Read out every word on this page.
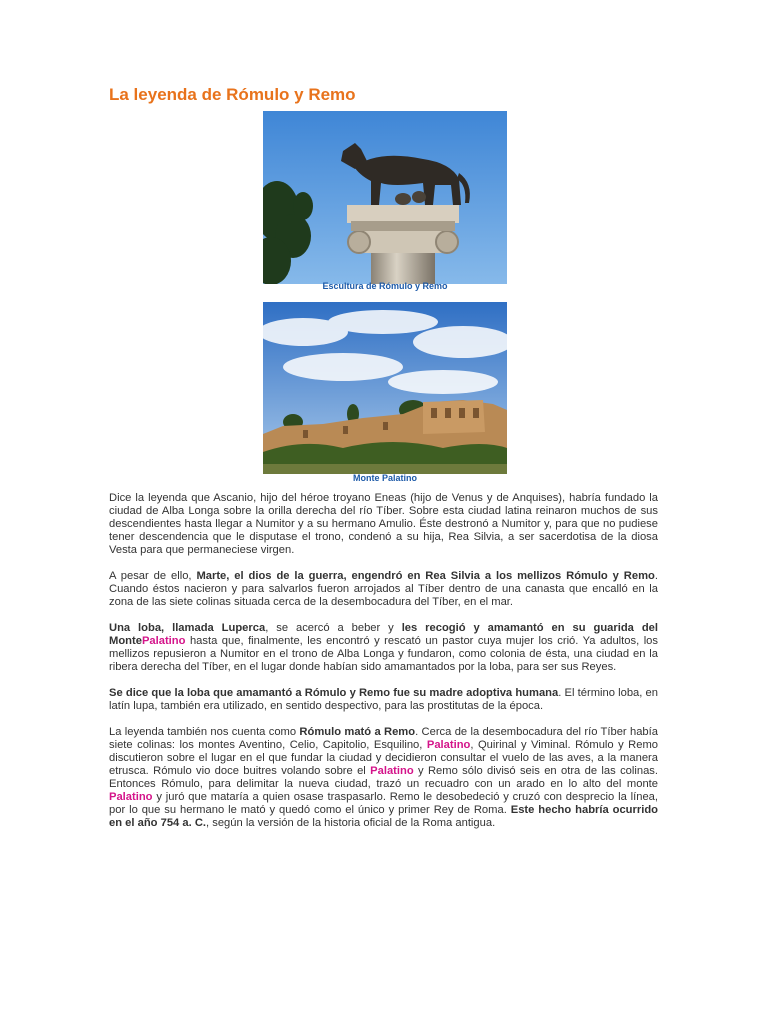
La leyenda de Rómulo y Remo
Escultura de Rómulo y Remo
Monte Palatino

Dice la leyenda que Ascanio, hijo del héroe troyano Eneas (hijo de Venus y de Anquises), habría fundado la ciudad de Alba Longa sobre la orilla derecha del río Tíber. Sobre esta ciudad latina reinaron muchos de sus descendientes hasta llegar a Numitor y a su hermano Amulio. Éste destronó a Numitor y, para que no pudiese tener descendencia que le disputase el trono, condenó a su hija, Rea Silvia, a ser sacerdotisa de la diosa Vesta para que permaneciese virgen.

A pesar de ello, Marte, el dios de la guerra, engendró en Rea Silvia a los mellizos Rómulo y Remo. Cuando éstos nacieron y para salvarlos fueron arrojados al Tíber dentro de una canasta que encalló en la zona de las siete colinas situada cerca de la desembocadura del Tíber, en el mar.

Una loba, llamada Luperca, se acercó a beber y les recogió y amamantó en su guarida del MontePalatino hasta que, finalmente, les encontró y rescató un pastor cuya mujer los crió. Ya adultos, los mellizos repusieron a Numitor en el trono de Alba Longa y fundaron, como colonia de ésta, una ciudad en la ribera derecha del Tíber, en el lugar donde habían sido amamantados por la loba, para ser sus Reyes.

Se dice que la loba que amamantó a Rómulo y Remo fue su madre adoptiva humana. El término loba, en latín lupa, también era utilizado, en sentido despectivo, para las prostitutas de la época.

La leyenda también nos cuenta como Rómulo mató a Remo. Cerca de la desembocadura del río Tíber había siete colinas: los montes Aventino, Celio, Capitolio, Esquilino, Palatino, Quirinal y Viminal. Rómulo y Remo discutieron sobre el lugar en el que fundar la ciudad y decidieron consultar el vuelo de las aves, a la manera etrusca. Rómulo vio doce buitres volando sobre el Palatino y Remo sólo divisó seis en otra de las colinas. Entonces Rómulo, para delimitar la nueva ciudad, trazó un recuadro con un arado en lo alto del monte Palatino y juró que mataría a quien osase traspasarlo. Remo le desobedeció y cruzó con desprecio la línea, por lo que su hermano le mató y quedó como el único y primer Rey de Roma. Este hecho habría ocurrido en el año 754 a. C., según la versión de la historia oficial de la Roma antigua.
